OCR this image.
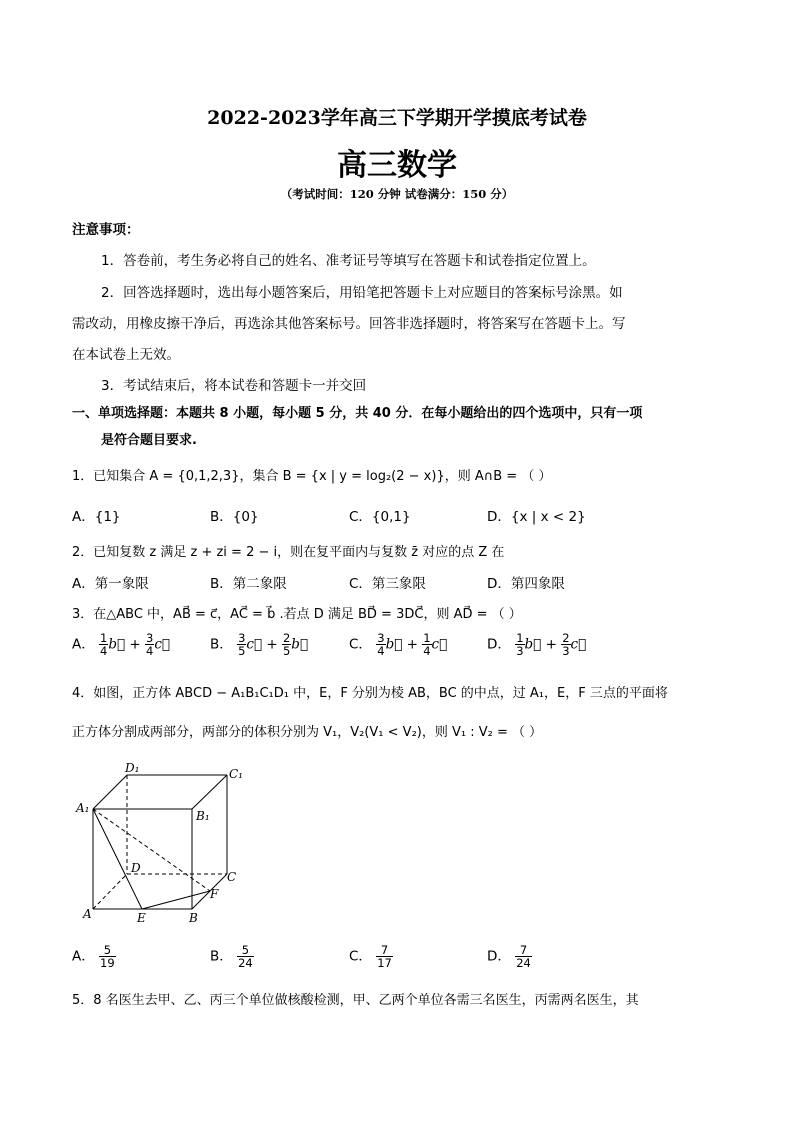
2022-2023学年高三下学期开学摸底考试卷
高三数学
（考试时间：120 分钟 试卷满分：150 分）
注意事项：
1．答卷前，考生务必将自己的姓名、准考证号等填写在答题卡和试卷指定位置上。
2．回答选择题时，选出每小题答案后，用铅笔把答题卡上对应题目的答案标号涂黑。如
需改动，用橡皮擦干净后，再选涂其他答案标号。回答非选择题时，将答案写在答题卡上。写
在本试卷上无效。
3．考试结束后，将本试卷和答题卡一并交回
一、单项选择题：本题共 8 小题，每小题 5 分，共 40 分．在每小题给出的四个选项中，只有一项
是符合题目要求.
1．已知集合 A = {0,1,2,3}，集合 B = {x | y = log₂(2 − x)}，则 A∩B = （ ）
A．{1}	B．{0}	C．{0,1}	D．{x | x < 2}
2．已知复数 z 满足 z + zi = 2 − i，则在复平面内与复数 z̄ 对应的点 Z 在
A．第一象限	B．第二象限	C．第三象限	D．第四象限
3．在△ABC 中，AB⃗ = c⃗，AC⃗ = b⃗ .若点 D 满足 BD⃗ = 3DC⃗，则 AD⃗ = （ ）
A． $\frac{1}{4}$ b⃗ + $\frac{3}{4}$ c⃗	B． $\frac{3}{5}$ c⃗ + $\frac{2}{5}$ b⃗	C． $\frac{3}{4}$ b⃗ + $\frac{1}{4}$ c⃗	D． $\frac{1}{3}$ b⃗ + $\frac{2}{3}$ c⃗
4．如图，正方体 ABCD − A₁B₁C₁D₁ 中，E，F 分别为棱 AB，BC 的中点，过 A₁，E，F 三点的平面将
正方体分割成两部分，两部分的体积分别为 V₁，V₂(V₁ < V₂)，则 V₁ : V₂ = （ ）
D₁	C₁
A₁
B₁
D
C
F
A	E	B
A． $\frac{5}{19}$	B． $\frac{5}{24}$	C． $\frac{7}{17}$	D． $\frac{7}{24}$
5．8 名医生去甲、乙、丙三个单位做核酸检测，甲、乙两个单位各需三名医生，丙需两名医生，其
